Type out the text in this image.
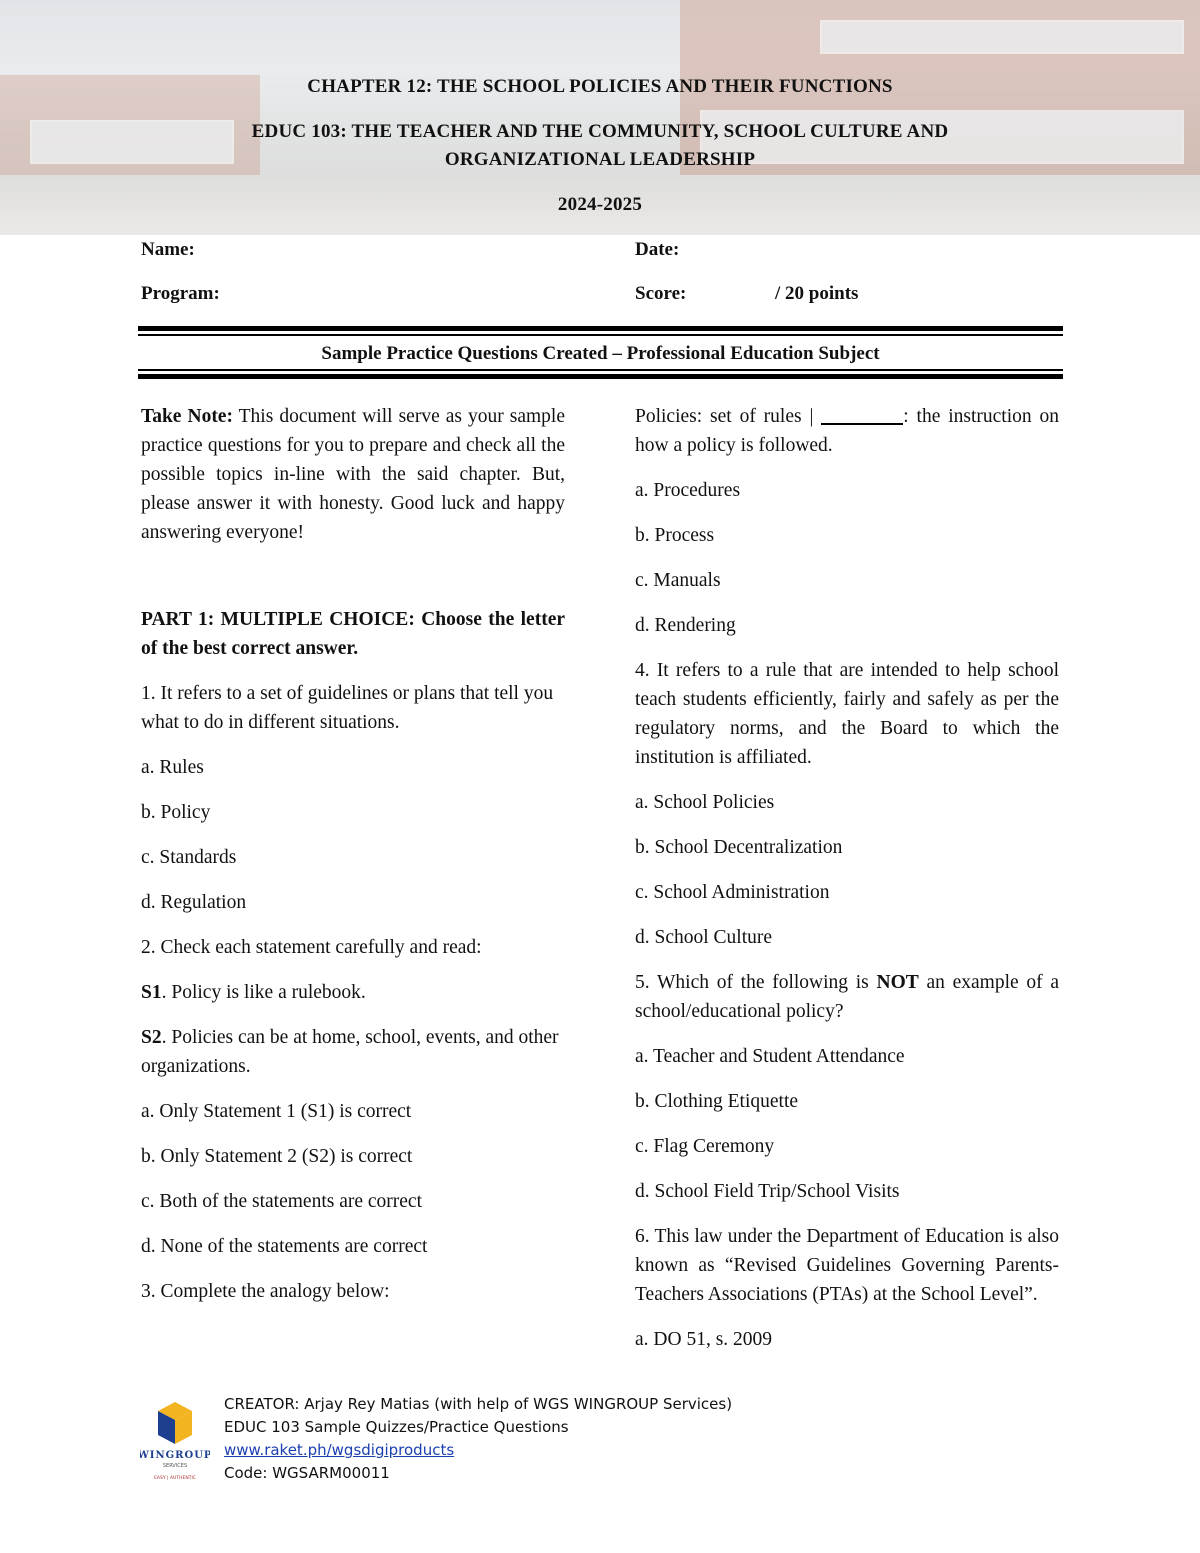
CHAPTER 12: THE SCHOOL POLICIES AND THEIR FUNCTIONS
EDUC 103: THE TEACHER AND THE COMMUNITY, SCHOOL CULTURE AND
ORGANIZATIONAL LEADERSHIP
2024-2025
Name:	Date:
Program:	Score:	/ 20 points
Sample Practice Questions Created – Professional Education Subject

Take Note: This document will serve as your sample practice questions for you to prepare and check all the possible topics in-line with the said chapter. But, please answer it with honesty. Good luck and happy answering everyone!

PART 1: MULTIPLE CHOICE: Choose the letter of the best correct answer.

1. It refers to a set of guidelines or plans that tell you what to do in different situations.

a. Rules

b. Policy

c. Standards

d. Regulation

2. Check each statement carefully and read:

S1. Policy is like a rulebook.

S2. Policies can be at home, school, events, and other organizations.

a. Only Statement 1 (S1) is correct

b. Only Statement 2 (S2) is correct

c. Both of the statements are correct

d. None of the statements are correct

3. Complete the analogy below:

Policies: set of rules |	: the instruction on how a policy is followed.

a. Procedures

b. Process

c. Manuals

d. Rendering

4. It refers to a rule that are intended to help school teach students efficiently, fairly and safely as per the regulatory norms, and the Board to which the institution is affiliated.

a. School Policies

b. School Decentralization

c. School Administration

d. School Culture

5. Which of the following is NOT an example of a school/educational policy?

a. Teacher and Student Attendance

b. Clothing Etiquette

c. Flag Ceremony

d. School Field Trip/School Visits

6. This law under the Department of Education is also known as “Revised Guidelines Governing Parents-Teachers Associations (PTAs) at the School Level”.

a. DO 51, s. 2009

WINGROUP
SERVICES
EASY | AUTHENTIC
CREATOR: Arjay Rey Matias (with help of WGS WINGROUP Services)
EDUC 103 Sample Quizzes/Practice Questions
www.raket.ph/wgsdigiproducts
Code: WGSARM00011
